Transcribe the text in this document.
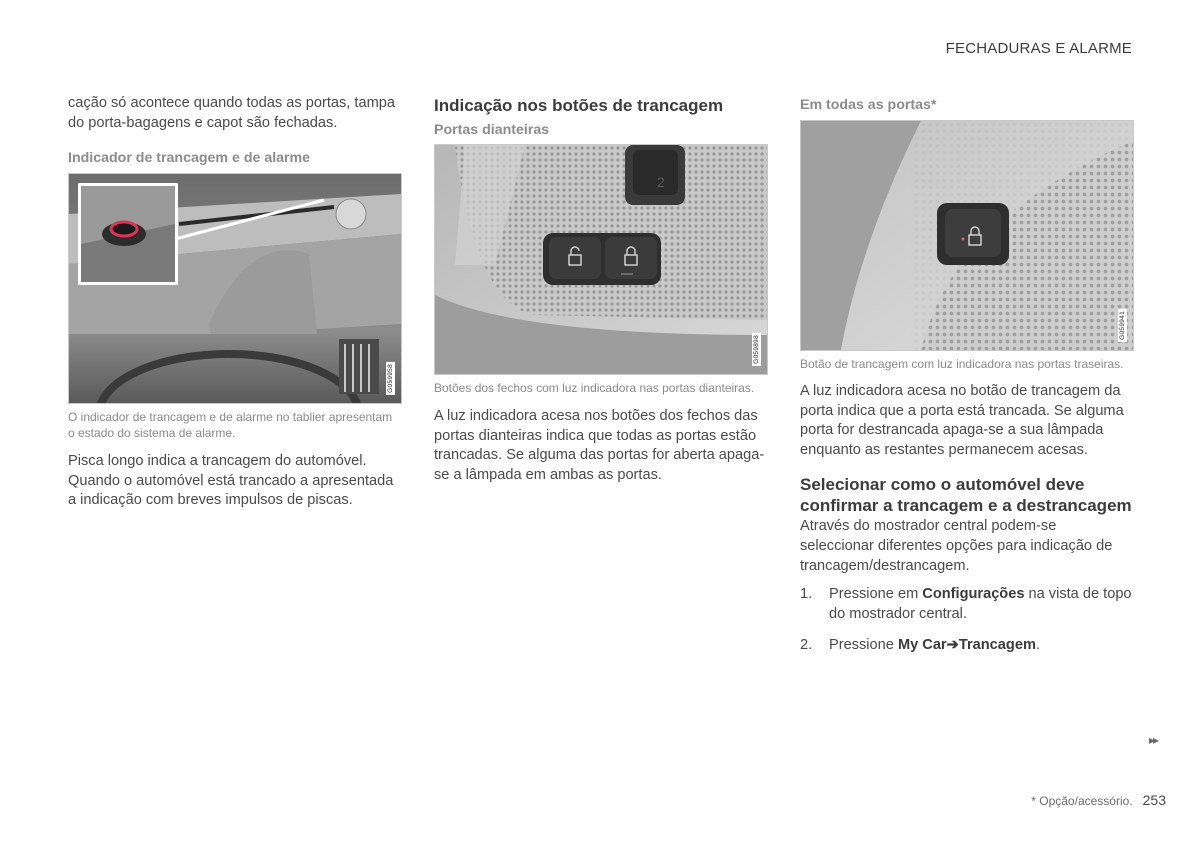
FECHADURAS E ALARME

cação só acontece quando todas as portas, tampa do porta-bagagens e capot são fechadas.

Indicador de trancagem e de alarme
G059958

O indicador de trancagem e de alarme no tablier apresentam o estado do sistema de alarme.

Pisca longo indica a trancagem do automóvel. Quando o automóvel está trancado a apresentada a indicação com breves impulsos de piscas.

Indicação nos botões de trancagem
Portas dianteiras
2
G059898

Botões dos fechos com luz indicadora nas portas dianteiras.

A luz indicadora acesa nos botões dos fechos das portas dianteiras indica que todas as portas estão trancadas. Se alguma das portas for aberta apaga-se a lâmpada em ambas as portas.

Em todas as portas*
G059941

Botão de trancagem com luz indicadora nas portas traseiras.

A luz indicadora acesa no botão de trancagem da porta indica que a porta está trancada. Se alguma porta for destrancada apaga-se a sua lâmpada enquanto as restantes permanecem acesas.

Selecionar como o automóvel deve confirmar a trancagem e a destrancagem

Através do mostrador central podem-se seleccionar diferentes opções para indicação de trancagem/destrancagem.

1. Pressione em Configurações na vista de topo do mostrador central.
2. Pressione My Car➔Trancagem.
▸▸
* Opção/acessório. 253
